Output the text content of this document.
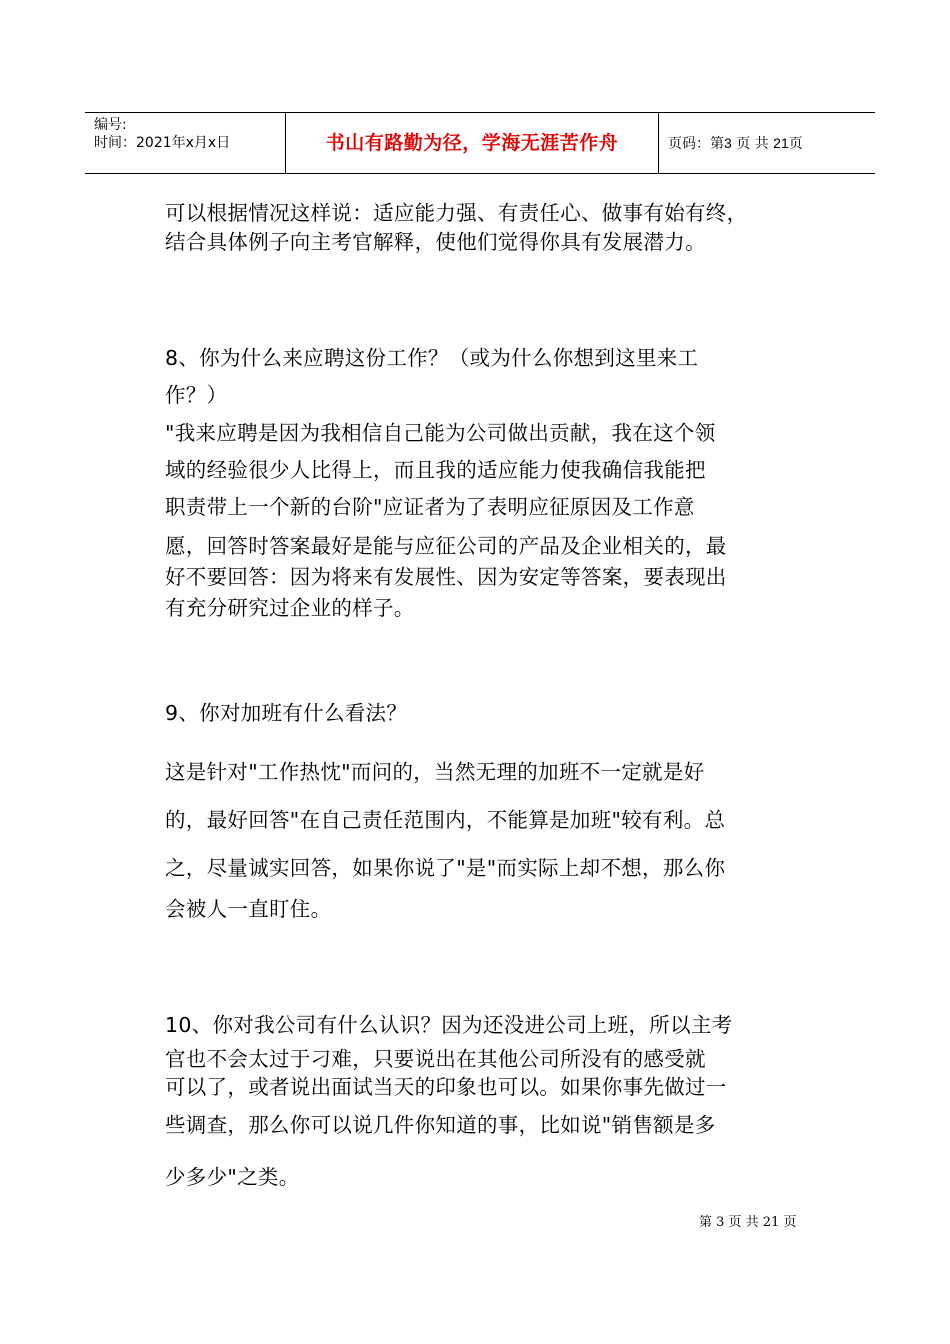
编号:
时间：2021年x月x日	书山有路勤为径，学海无涯苦作舟	页码：第3 页 共 21页
可以根据情况这样说：适应能力强、有责任心、做事有始有终，
结合具体例子向主考官解释，使他们觉得你具有发展潜力。
8、你为什么来应聘这份工作？（或为什么你想到这里来工
作？）
"我来应聘是因为我相信自己能为公司做出贡献，我在这个领
域的经验很少人比得上，而且我的适应能力使我确信我能把
职责带上一个新的台阶"应证者为了表明应征原因及工作意
愿，回答时答案最好是能与应征公司的产品及企业相关的，最
好不要回答：因为将来有发展性、因为安定等答案，要表现出
有充分研究过企业的样子。
9、你对加班有什么看法？
这是针对"工作热忱"而问的，当然无理的加班不一定就是好
的，最好回答"在自己责任范围内，不能算是加班"较有利。总
之，尽量诚实回答，如果你说了"是"而实际上却不想，那么你
会被人一直盯住。
10、你对我公司有什么认识？因为还没进公司上班，所以主考
官也不会太过于刁难，只要说出在其他公司所没有的感受就
可以了，或者说出面试当天的印象也可以。如果你事先做过一
些调查，那么你可以说几件你知道的事，比如说"销售额是多
少多少"之类。
第 3 页 共 21 页
